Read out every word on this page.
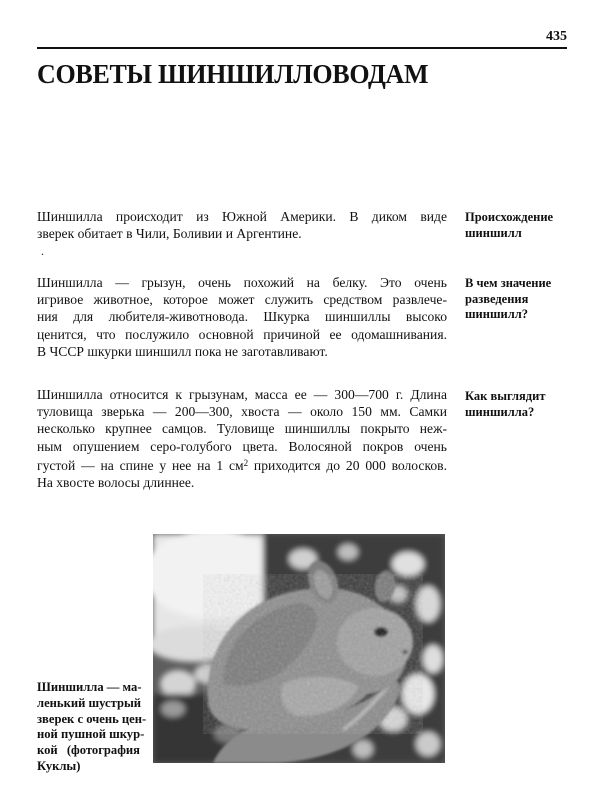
435
СОВЕТЫ ШИНШИЛЛОВОДАМ

Шиншилла происходит из Южной Америки. В диком виде
зверек обитает в Чили, Боливии и Аргентине.

.
Происхождение
шиншилл

Шиншилла — грызун, очень похожий на белку. Это очень
игривое животное, которое может служить средством развлече-
ния для любителя-животновода. Шкурка шиншиллы высоко
ценится, что послужило основной причиной ее одомашнивания.
В ЧССР шкурки шиншилл пока не заготавливают.

В чем значение
разведения
шиншилл?

Шиншилла относится к грызунам, масса ее — 300—700 г. Длина
туловища зверька — 200—300, хвоста — около 150 мм. Самки
несколько крупнее самцов. Туловище шиншиллы покрыто неж-
ным опушением серо-голубого цвета. Волосяной покров очень
густой — на спине у нее на 1 $см^2$ приходится до 20 000 волосков.
На хвосте волосы длиннее.

Как выглядит
шиншилла?

Шиншилла — ма-
ленький шустрый
зверек с очень цен-
ной пушной шкур-
кой (фотография
Куклы)
